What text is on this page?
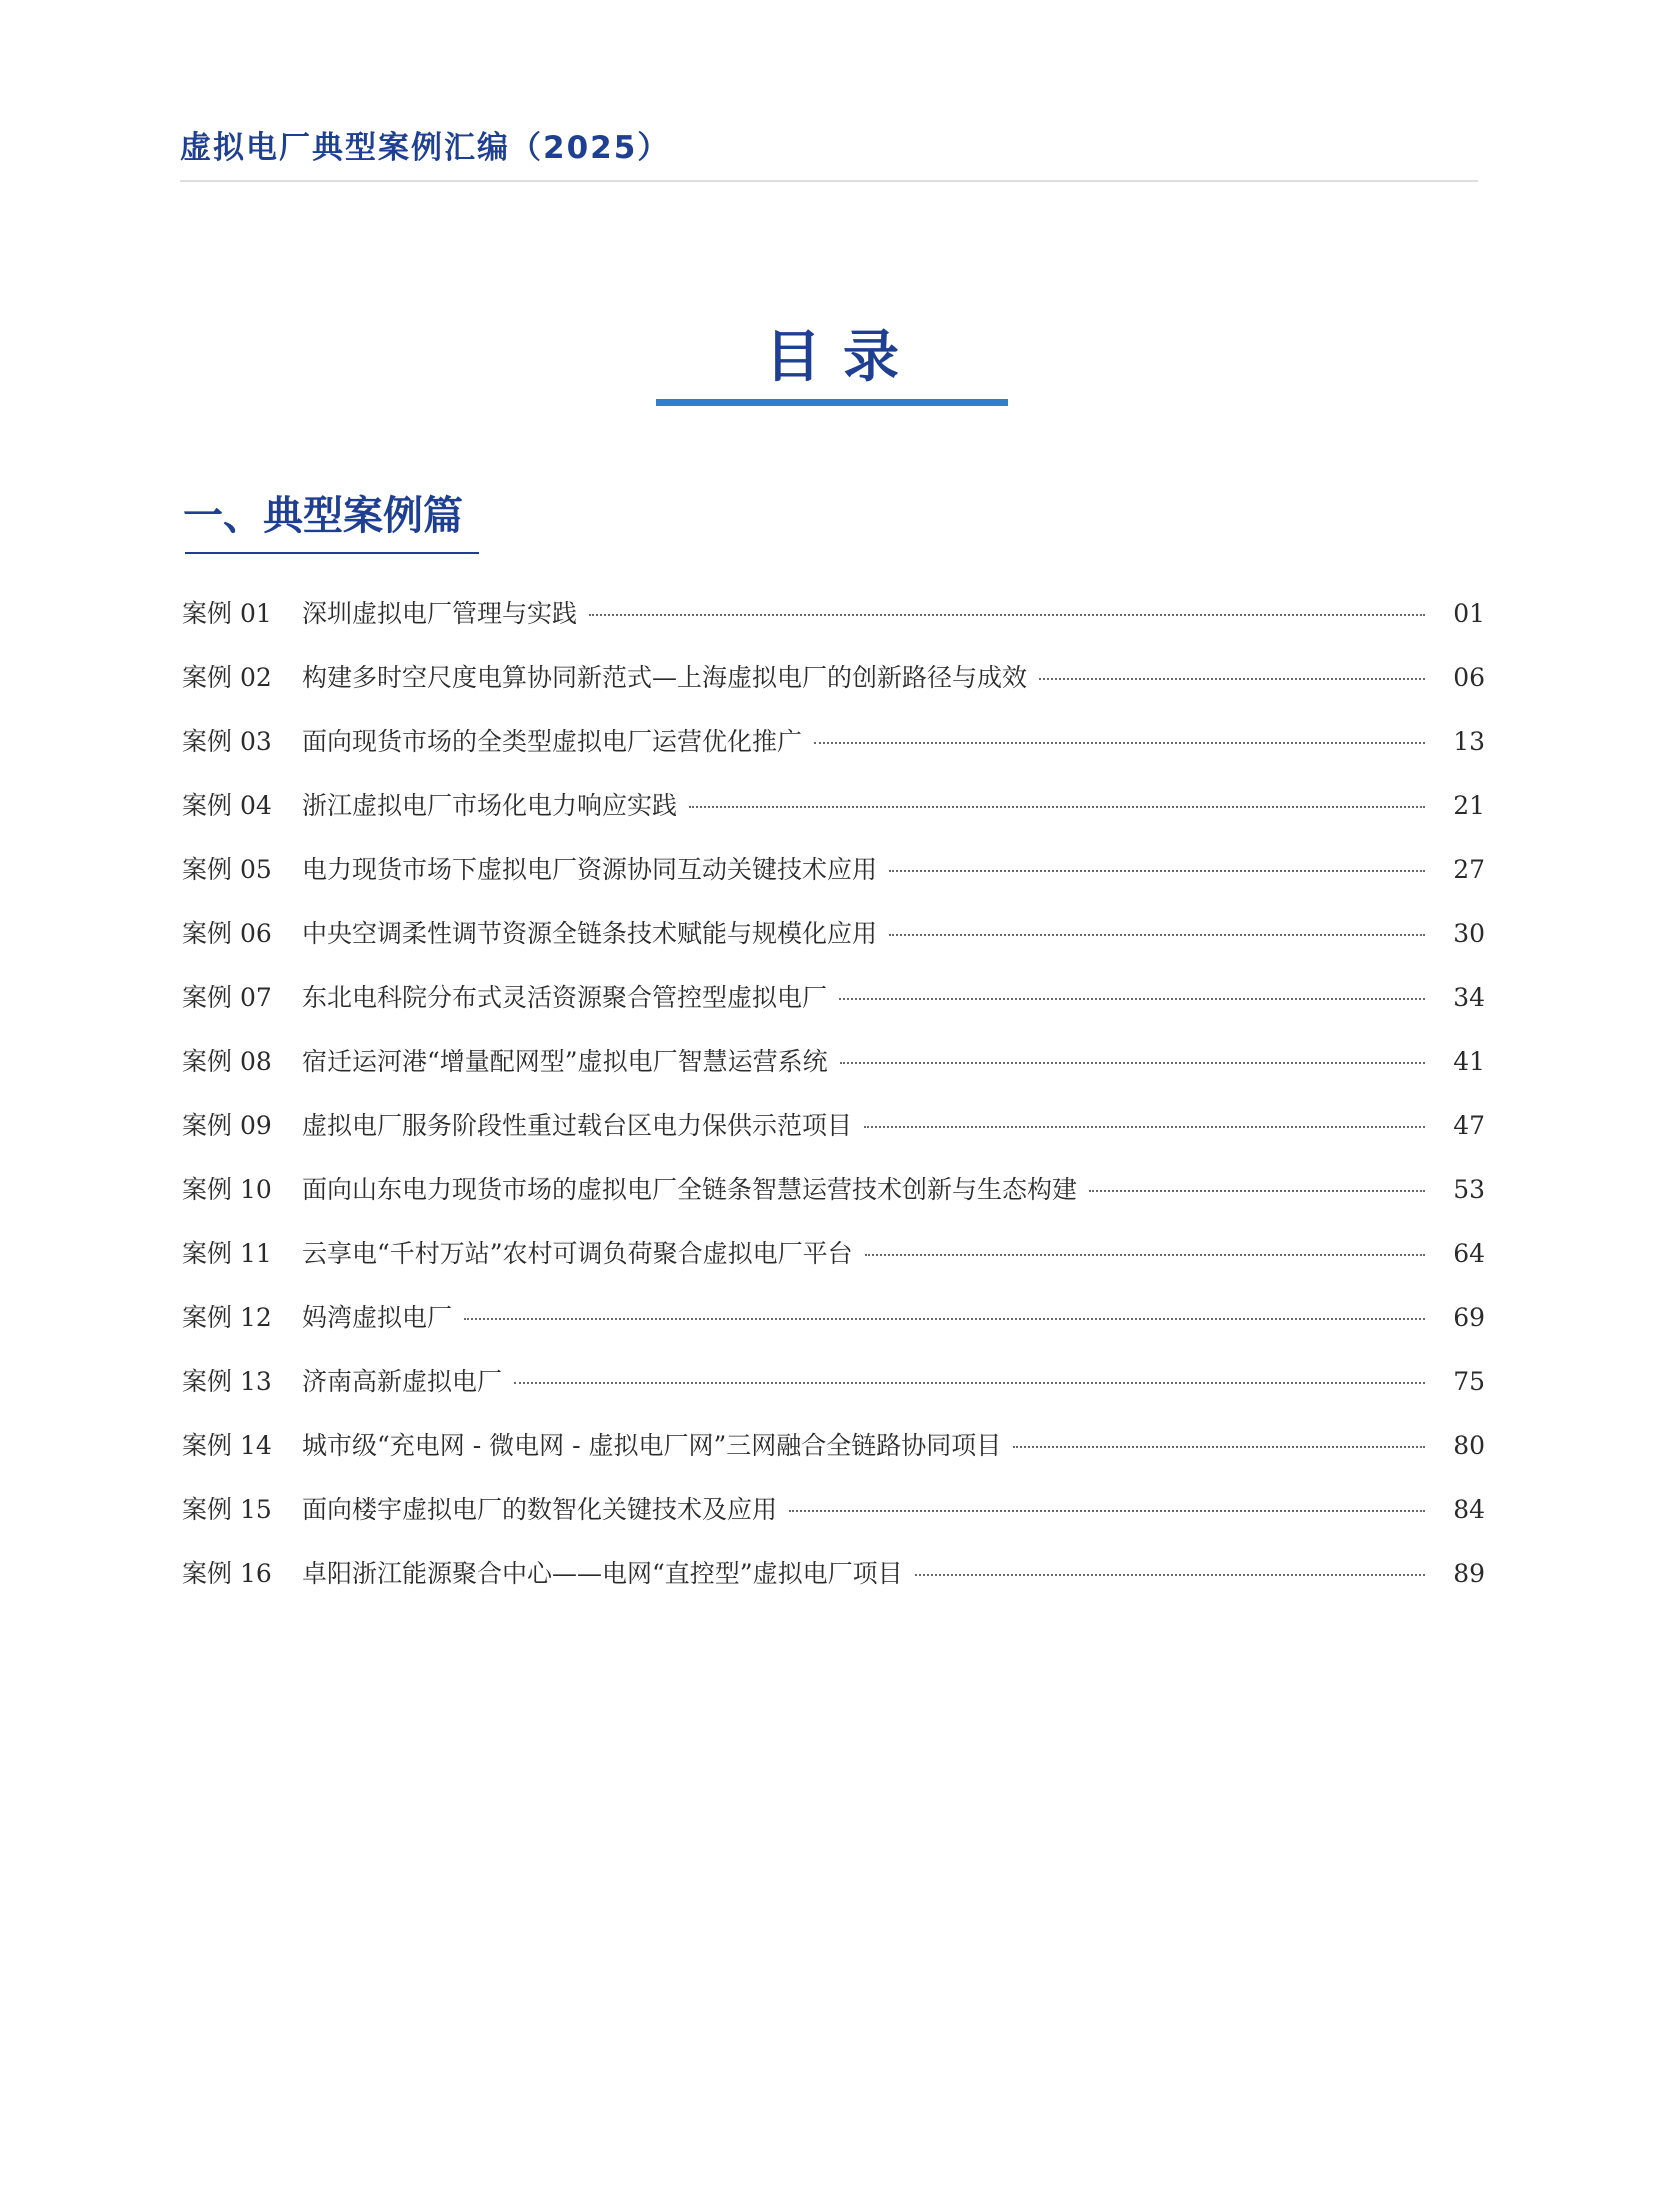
虚拟电厂典型案例汇编（2025）
目录
一、典型案例篇
案例 01	深圳虚拟电厂管理与实践	01
案例 02	构建多时空尺度电算协同新范式—上海虚拟电厂的创新路径与成效	06
案例 03	面向现货市场的全类型虚拟电厂运营优化推广	13
案例 04	浙江虚拟电厂市场化电力响应实践	21
案例 05	电力现货市场下虚拟电厂资源协同互动关键技术应用	27
案例 06	中央空调柔性调节资源全链条技术赋能与规模化应用	30
案例 07	东北电科院分布式灵活资源聚合管控型虚拟电厂	34
案例 08	宿迁运河港“增量配网型”虚拟电厂智慧运营系统	41
案例 09	虚拟电厂服务阶段性重过载台区电力保供示范项目	47
案例 10	面向山东电力现货市场的虚拟电厂全链条智慧运营技术创新与生态构建	53
案例 11	云享电“千村万站”农村可调负荷聚合虚拟电厂平台	64
案例 12	妈湾虚拟电厂	69
案例 13	济南高新虚拟电厂	75
案例 14	城市级“充电网 - 微电网 - 虚拟电厂网”三网融合全链路协同项目	80
案例 15	面向楼宇虚拟电厂的数智化关键技术及应用	84
案例 16	卓阳浙江能源聚合中心——电网“直控型”虚拟电厂项目	89
